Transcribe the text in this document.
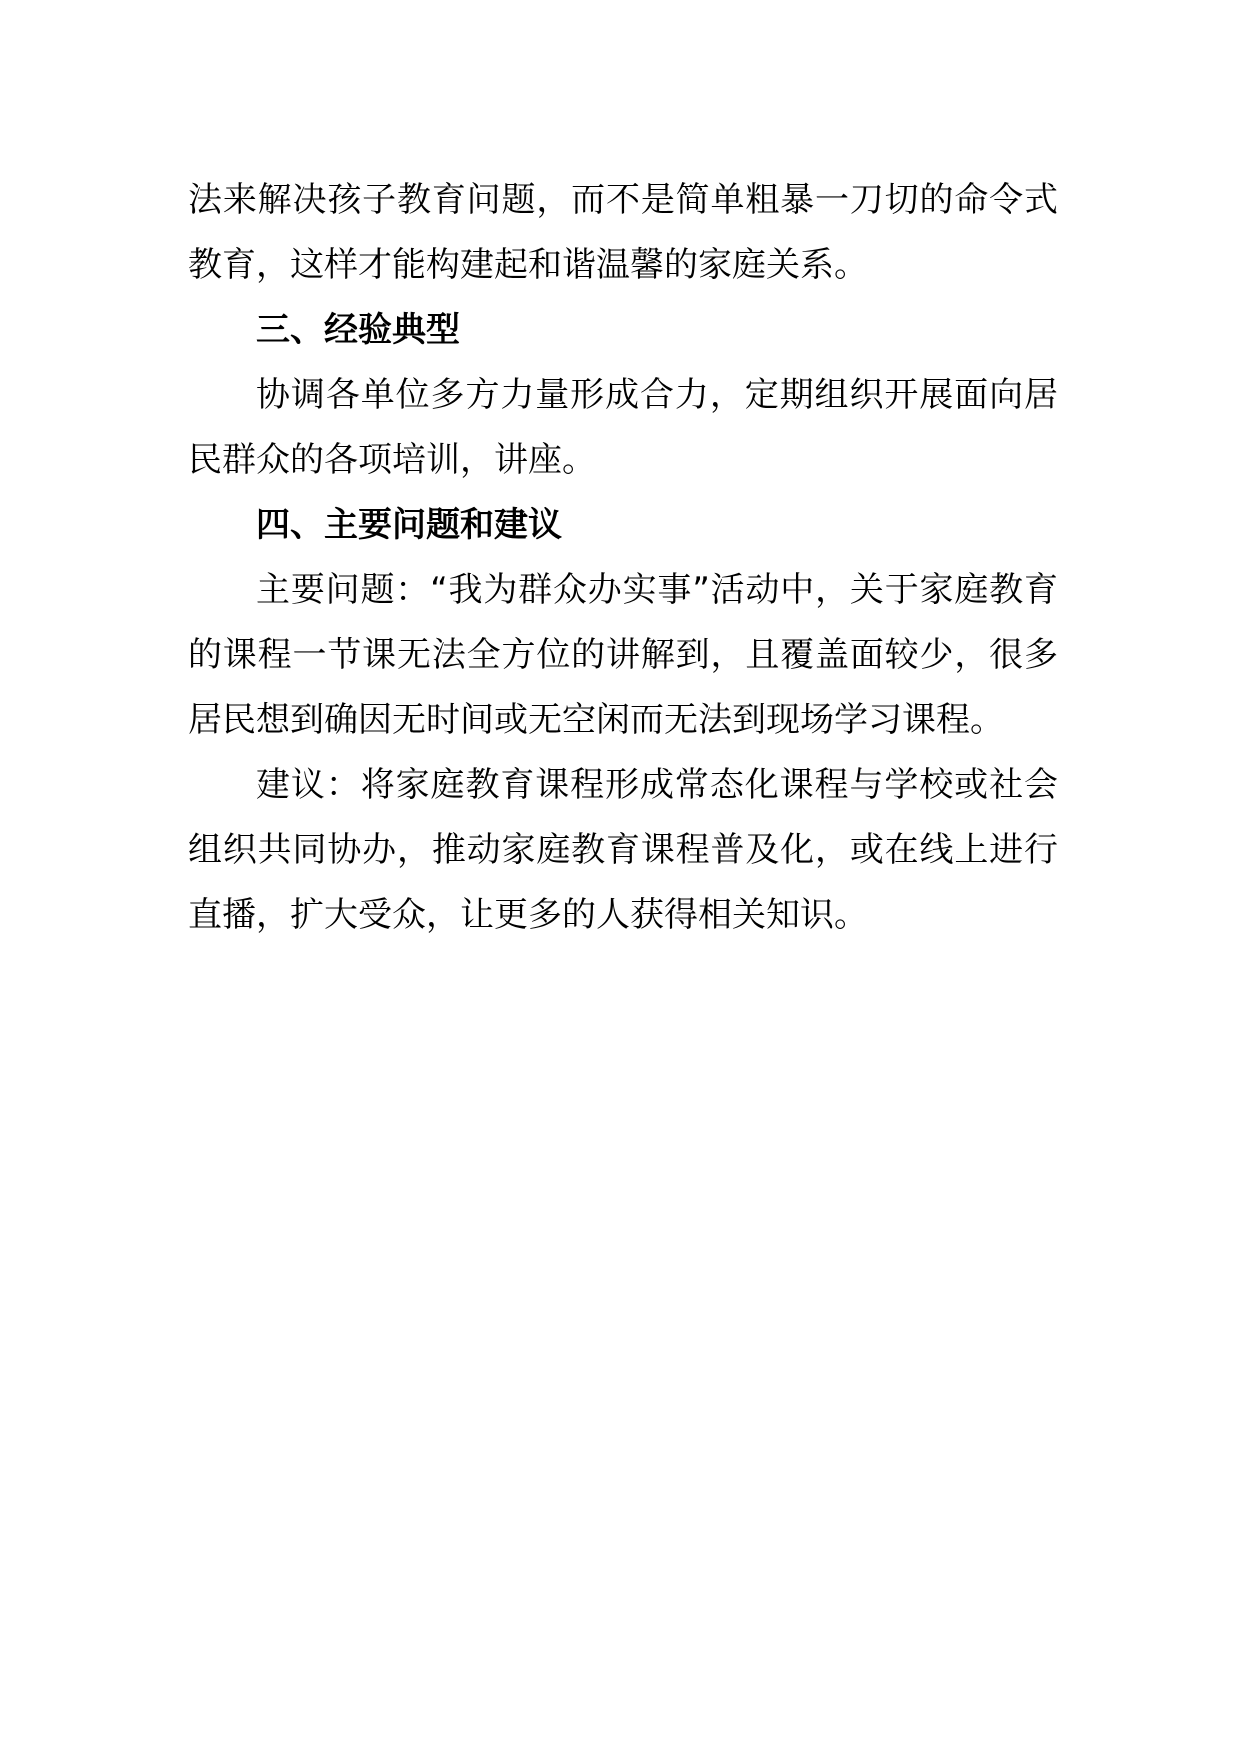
法来解决孩子教育问题，而不是简单粗暴一刀切的命令式教育，这样才能构建起和谐温馨的家庭关系。

三、经验典型

协调各单位多方力量形成合力，定期组织开展面向居民群众的各项培训，讲座。

四、主要问题和建议

主要问题：“我为群众办实事”活动中，关于家庭教育的课程一节课无法全方位的讲解到，且覆盖面较少，很多居民想到确因无时间或无空闲而无法到现场学习课程。

建议：将家庭教育课程形成常态化课程与学校或社会组织共同协办，推动家庭教育课程普及化，或在线上进行直播，扩大受众，让更多的人获得相关知识。
